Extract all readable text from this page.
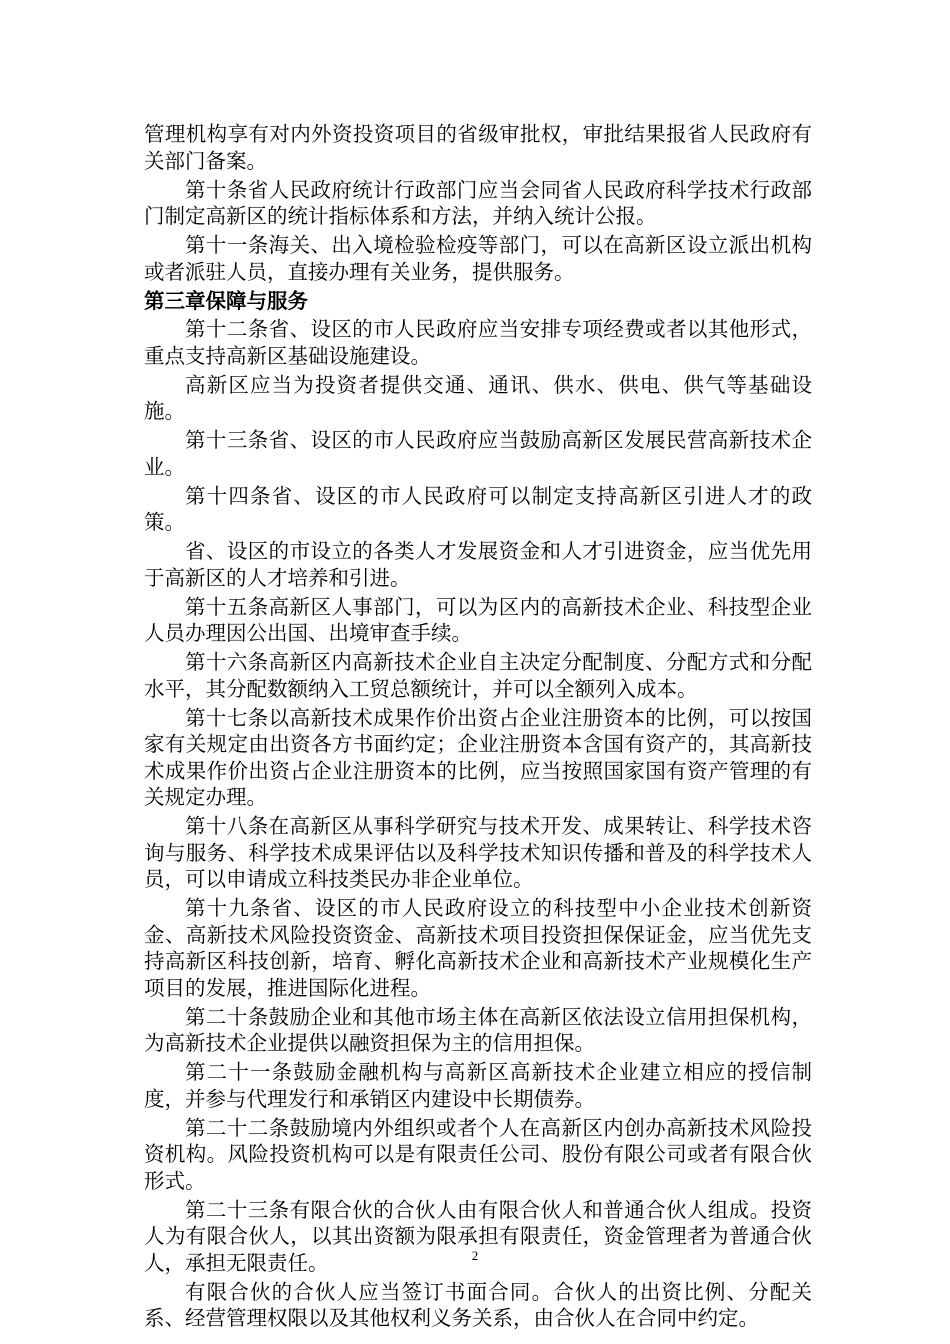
管理机构享有对内外资投资项目的省级审批权，审批结果报省人民政府有关部门备案。

第十条省人民政府统计行政部门应当会同省人民政府科学技术行政部门制定高新区的统计指标体系和方法，并纳入统计公报。

第十一条海关、出入境检验检疫等部门，可以在高新区设立派出机构或者派驻人员，直接办理有关业务，提供服务。

第三章保障与服务

第十二条省、设区的市人民政府应当安排专项经费或者以其他形式，重点支持高新区基础设施建设。

高新区应当为投资者提供交通、通讯、供水、供电、供气等基础设施。

第十三条省、设区的市人民政府应当鼓励高新区发展民营高新技术企业。

第十四条省、设区的市人民政府可以制定支持高新区引进人才的政策。

省、设区的市设立的各类人才发展资金和人才引进资金，应当优先用于高新区的人才培养和引进。

第十五条高新区人事部门，可以为区内的高新技术企业、科技型企业人员办理因公出国、出境审查手续。

第十六条高新区内高新技术企业自主决定分配制度、分配方式和分配水平，其分配数额纳入工贸总额统计，并可以全额列入成本。

第十七条以高新技术成果作价出资占企业注册资本的比例，可以按国家有关规定由出资各方书面约定；企业注册资本含国有资产的，其高新技术成果作价出资占企业注册资本的比例，应当按照国家国有资产管理的有关规定办理。

第十八条在高新区从事科学研究与技术开发、成果转让、科学技术咨询与服务、科学技术成果评估以及科学技术知识传播和普及的科学技术人员，可以申请成立科技类民办非企业单位。

第十九条省、设区的市人民政府设立的科技型中小企业技术创新资金、高新技术风险投资资金、高新技术项目投资担保保证金，应当优先支持高新区科技创新，培育、孵化高新技术企业和高新技术产业规模化生产项目的发展，推进国际化进程。

第二十条鼓励企业和其他市场主体在高新区依法设立信用担保机构，为高新技术企业提供以融资担保为主的信用担保。

第二十一条鼓励金融机构与高新区高新技术企业建立相应的授信制度，并参与代理发行和承销区内建设中长期债券。

第二十二条鼓励境内外组织或者个人在高新区内创办高新技术风险投资机构。风险投资机构可以是有限责任公司、股份有限公司或者有限合伙形式。

第二十三条有限合伙的合伙人由有限合伙人和普通合伙人组成。投资人为有限合伙人，以其出资额为限承担有限责任，资金管理者为普通合伙人，承担无限责任。

有限合伙的合伙人应当签订书面合同。合伙人的出资比例、分配关系、经营管理权限以及其他权利义务关系，由合伙人在合同中约定。

2
